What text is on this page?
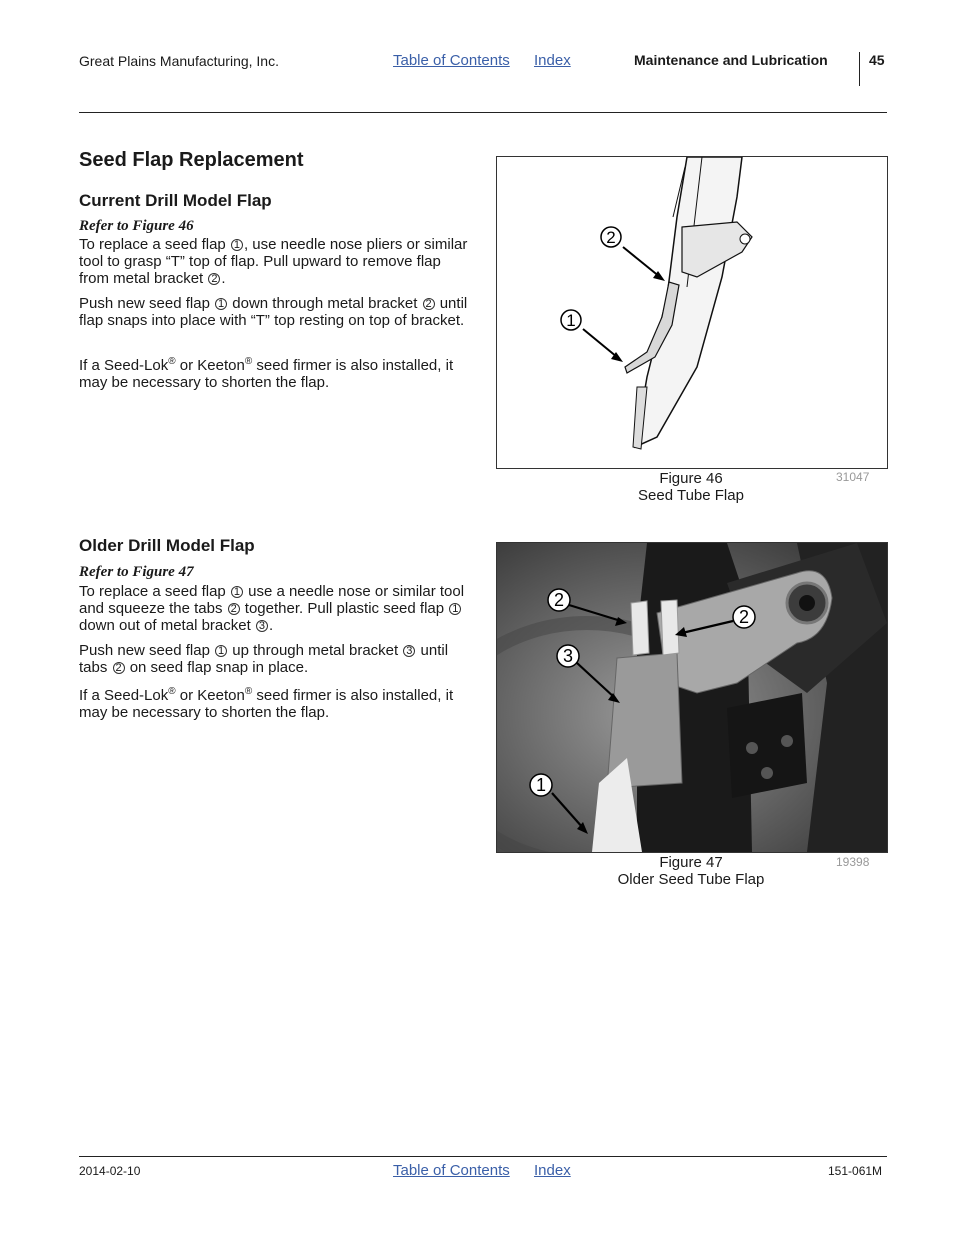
Great Plains Manufacturing, Inc.	Table of Contents Index	Maintenance and Lubrication	45
Seed Flap Replacement
Current Drill Model Flap
Refer to Figure 46

To replace a seed flap 1 , use needle nose pliers or similar tool to grasp “T” top of flap. Pull upward to remove flap from metal bracket 2 .

Push new seed flap 1 down through metal bracket 2 until flap snaps into place with “T” top resting on top of bracket.

If a Seed-Lok® or Keeton® seed firmer is also installed, it may be necessary to shorten the flap.

2
1
Figure 46
Seed Tube Flap
31047
Older Drill Model Flap
Refer to Figure 47

To replace a seed flap 1 use a needle nose or similar tool and squeeze the tabs 2 together. Pull plastic seed flap 1 down out of metal bracket 3 .

Push new seed flap 1 up through metal bracket 3 until tabs 2 on seed flap snap in place.

If a Seed-Lok® or Keeton® seed firmer is also installed, it may be necessary to shorten the flap.

2
2
3
1
Figure 47
Older Seed Tube Flap
19398
2014-02-10	Table of Contents Index	151-061M
